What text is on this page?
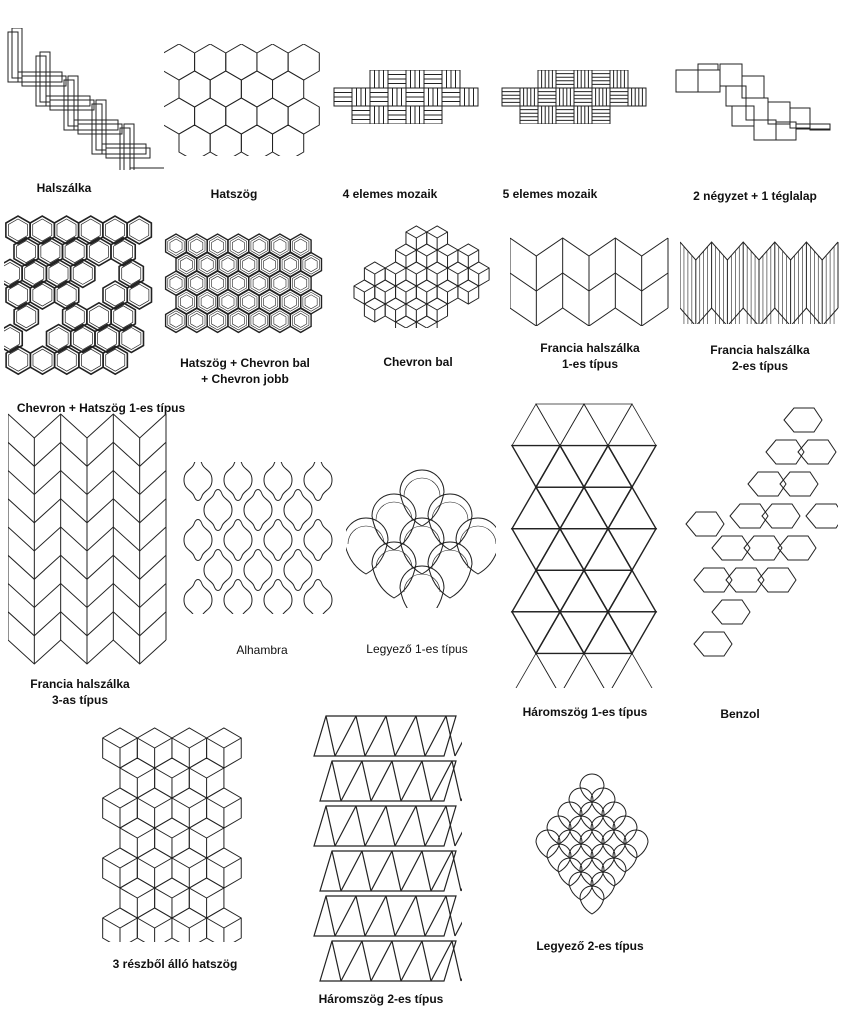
Halszálka	Hatszög	4 elemes mozaik	5 elemes mozaik	2 négyzet + 1 téglalap
Chevron + Hatszög 1-es típus
Hatszög + Chevron bal
+ Chevron jobb
Chevron bal
Francia halszálka
1-es típus
Francia halszálka
2-es típus
Francia halszálka
3-as típus
Alhambra	Legyező 1-es típus
Háromszög 1-es típus	Benzol
3 részből álló hatszög
Háromszög 2-es típus
Legyező 2-es típus
